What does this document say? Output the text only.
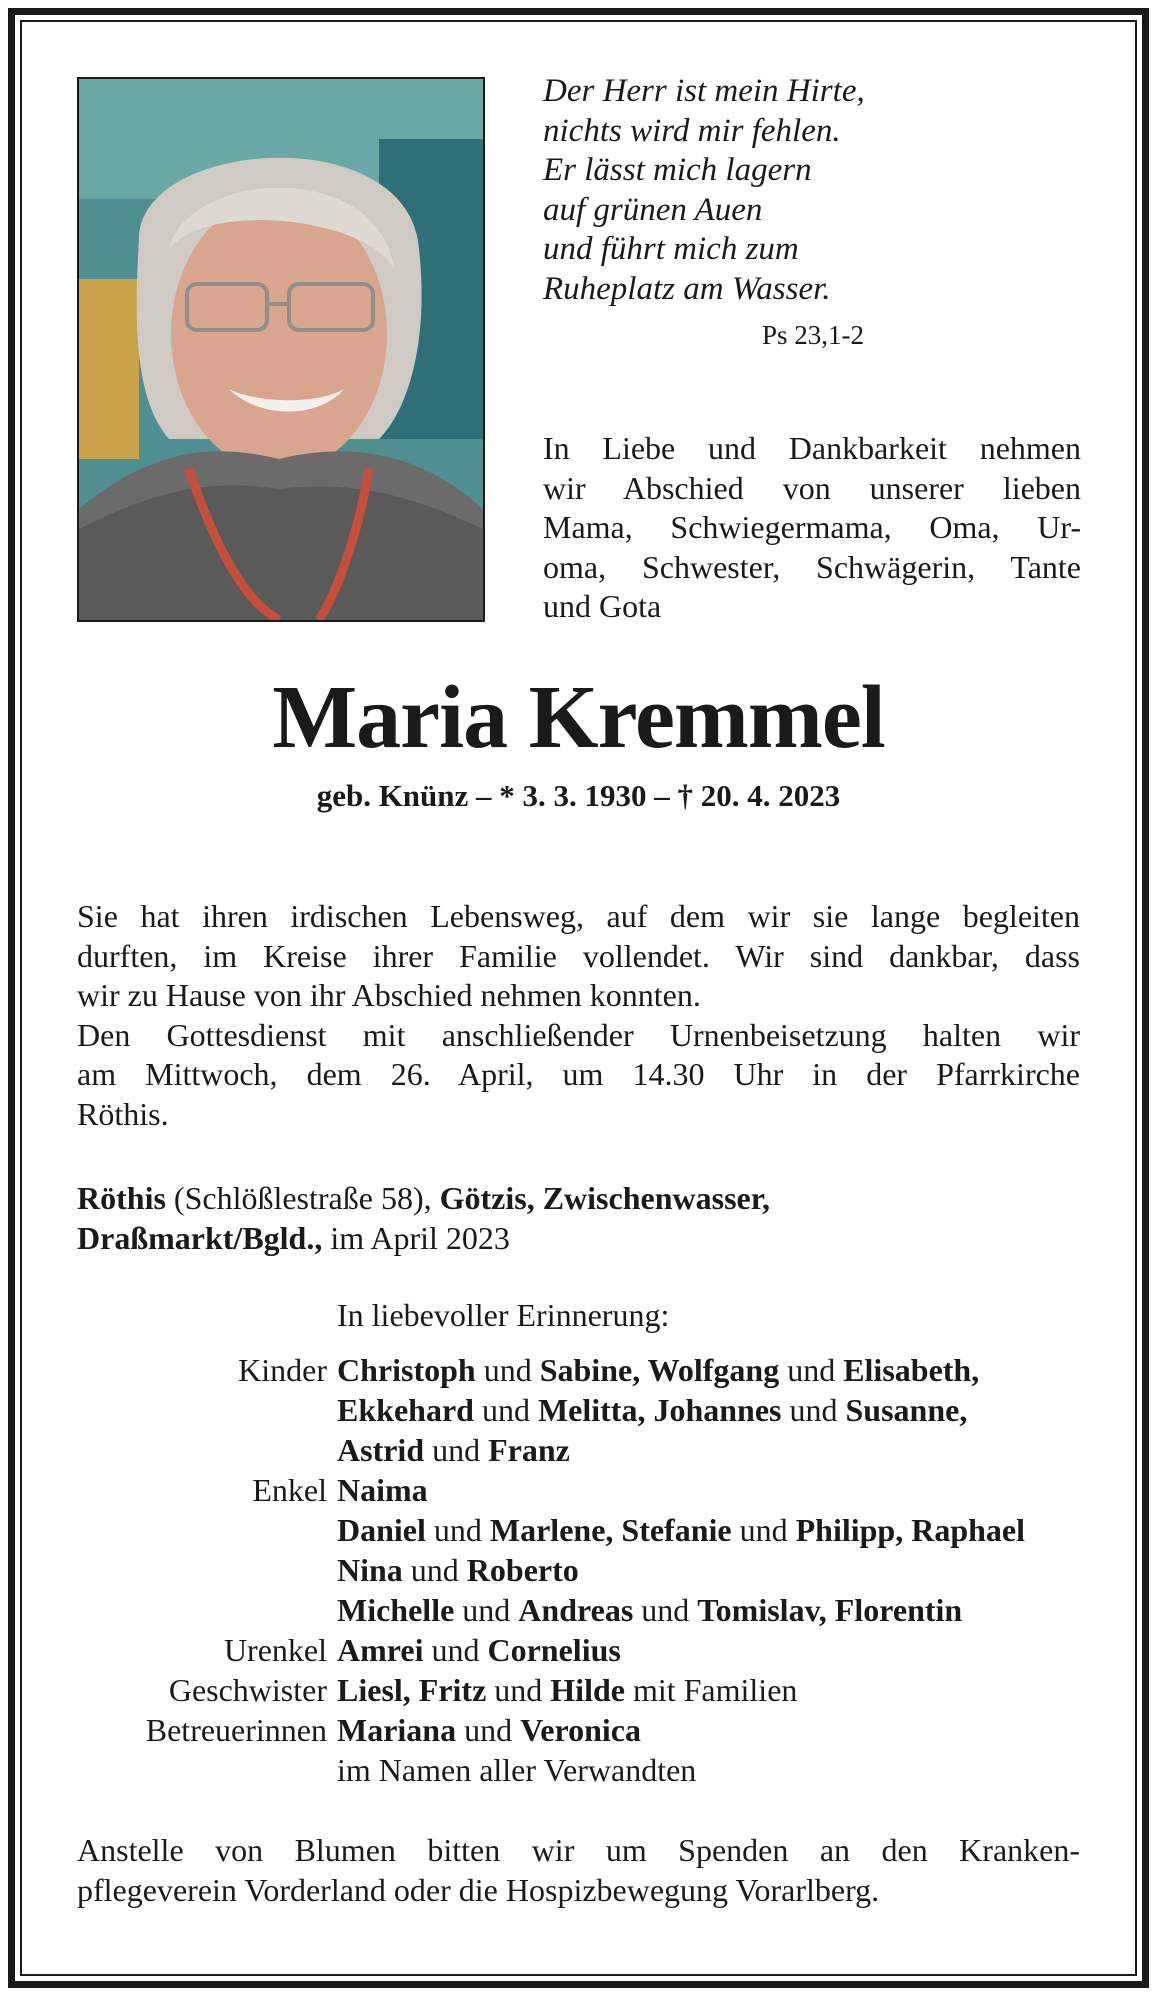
Der Herr ist mein Hirte,
nichts wird mir fehlen.
Er lässt mich lagern
auf grünen Auen
und führt mich zum
Ruheplatz am Wasser.
Ps 23,1-2
In Liebe und Dankbarkeit nehmen
wir Abschied von unserer lieben
Mama, Schwiegermama, Oma, Ur-
oma, Schwester, Schwägerin, Tante
und Gota
Maria Kremmel
geb. Knünz – * 3. 3. 1930 – † 20. 4. 2023
Sie hat ihren irdischen Lebensweg, auf dem wir sie lange begleiten
durften, im Kreise ihrer Familie vollendet. Wir sind dankbar, dass
wir zu Hause von ihr Abschied nehmen konnten.
Den Gottesdienst mit anschließender Urnenbeisetzung halten wir
am Mittwoch, dem 26. April, um 14.30 Uhr in der Pfarrkirche
Röthis.
Röthis (Schlößlestraße 58), Götzis, Zwischenwasser,
Draßmarkt/Bgld., im April 2023
In liebevoller Erinnerung:
Kinder Christoph und Sabine, Wolfgang und Elisabeth,
Ekkehard und Melitta, Johannes und Susanne,
Astrid und Franz
Enkel Naima
Daniel und Marlene, Stefanie und Philipp, Raphael
Nina und Roberto
Michelle und Andreas und Tomislav, Florentin
Urenkel Amrei und Cornelius
Geschwister Liesl, Fritz und Hilde mit Familien
Betreuerinnen Mariana und Veronica
im Namen aller Verwandten
Anstelle von Blumen bitten wir um Spenden an den Kranken-
pflegeverein Vorderland oder die Hospizbewegung Vorarlberg.
